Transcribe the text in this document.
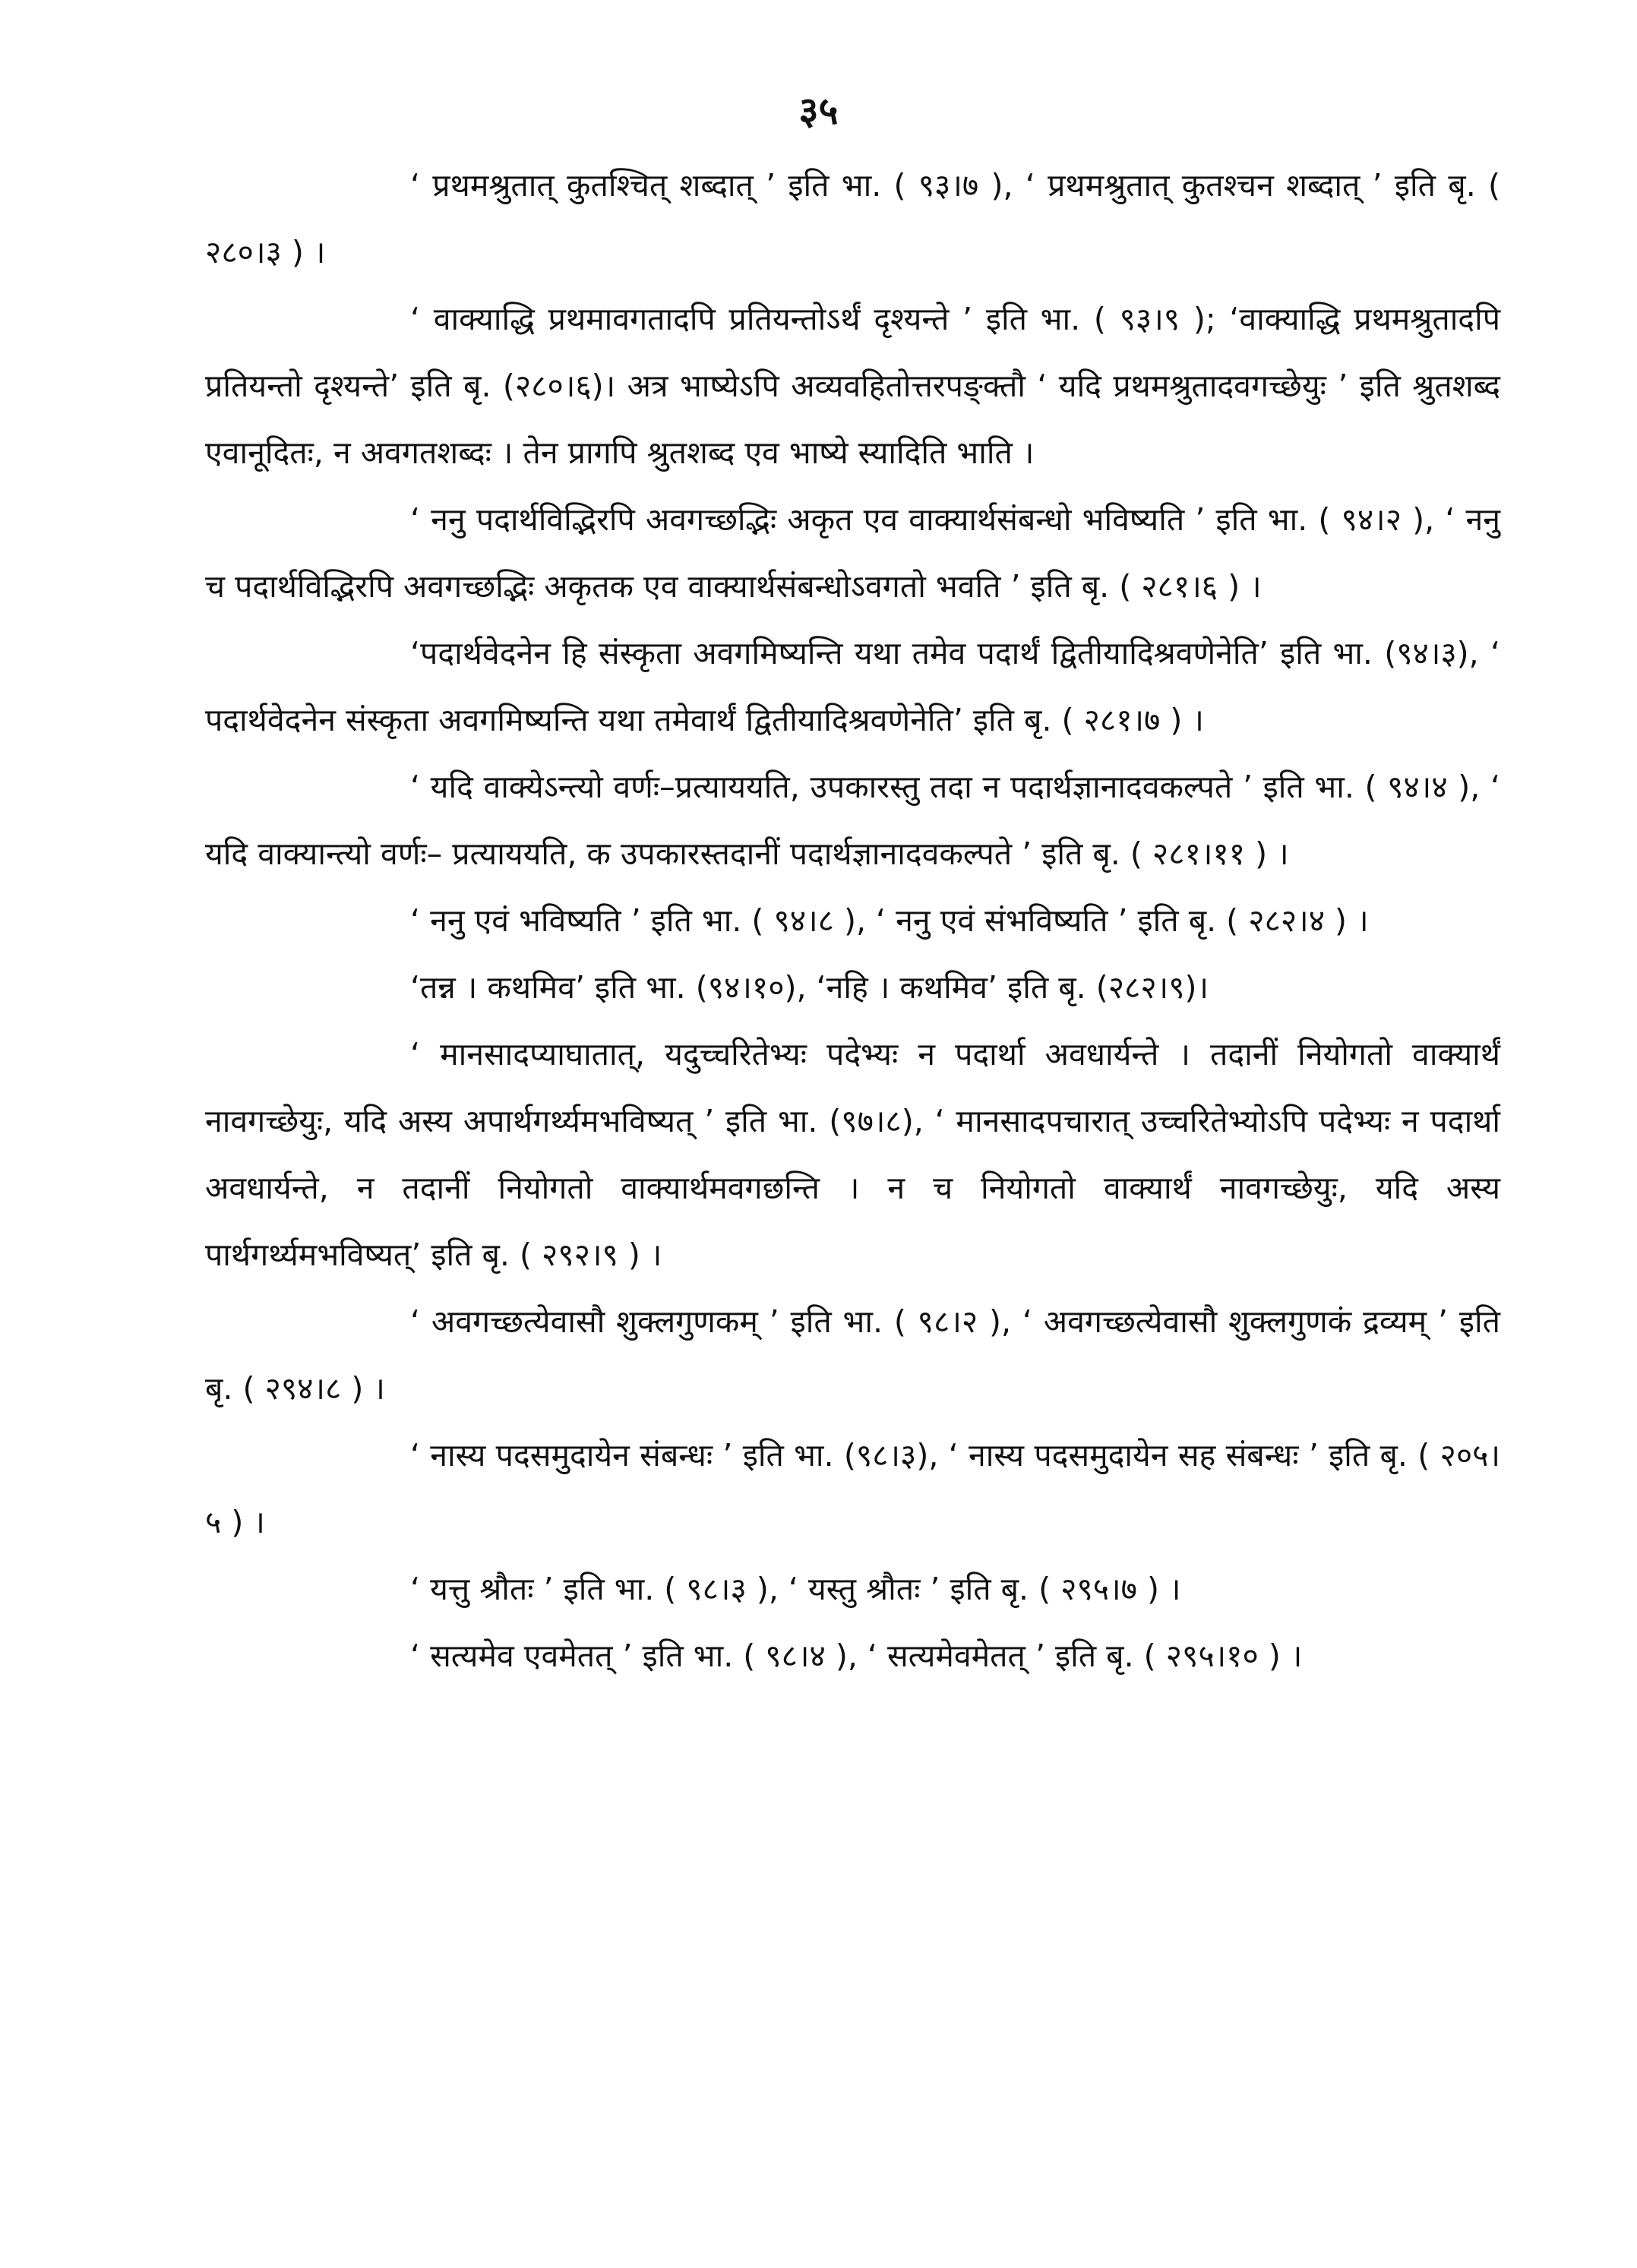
३५

‘ प्रथमश्रुतात् कुतश्चित् शब्दात् ’ इति भा. ( ९३।७ ), ‘ प्रथमश्रुतात् कुतश्चन शब्दात् ’ इति बृ. ( २८०।३ ) ।

‘ वाक्याद्धि प्रथमावगतादपि प्रतियन्तोऽर्थं दृश्यन्ते ’ इति भा. ( ९३।९ ); ‘वाक्याद्धि प्रथमश्रुतादपि प्रतियन्तो दृश्यन्ते’ इति बृ. (२८०।६)। अत्र भाष्येऽपि अव्यवहितोत्तरपङ्क्तौ ‘ यदि प्रथमश्रुतादवगच्छेयुः ’ इति श्रुतशब्द एवानूदितः, न अवगतशब्दः । तेन प्रागपि श्रुतशब्द एव भाष्ये स्यादिति भाति ।

‘ ननु पदार्थविद्भिरपि अवगच्छद्भिः अकृत एव वाक्यार्थसंबन्धो भविष्यति ’ इति भा. ( ९४।२ ), ‘ ननु च पदार्थविद्भिरपि अवगच्छद्भिः अकृतक एव वाक्यार्थसंबन्धोऽवगतो भवति ’ इति बृ. ( २८१।६ ) ।

‘पदार्थवेदनेन हि संस्कृता अवगमिष्यन्ति यथा तमेव पदार्थं द्वितीयादिश्रवणेनेति’ इति भा. (९४।३), ‘ पदार्थवेदनेन संस्कृता अवगमिष्यन्ति यथा तमेवार्थं द्वितीयादिश्रवणेनेति’ इति बृ. ( २८१।७ ) ।

‘ यदि वाक्येऽन्त्यो वर्णः–प्रत्याययति, उपकारस्तु तदा न पदार्थज्ञानादवकल्पते ’ इति भा. ( ९४।४ ), ‘ यदि वाक्यान्त्यो वर्णः– प्रत्याययति, क उपकारस्तदानीं पदार्थज्ञानादवकल्पते ’ इति बृ. ( २८१।११ ) ।

‘ ननु एवं भविष्यति ’ इति भा. ( ९४।८ ), ‘ ननु एवं संभविष्यति ’ इति बृ. ( २८२।४ ) ।

‘तन्न । कथमिव’ इति भा. (९४।१०), ‘नहि । कथमिव’ इति बृ. (२८२।९)।

‘ मानसादप्याघातात्, यदुच्चरितेभ्यः पदेभ्यः न पदार्था अवधार्यन्ते । तदानीं नियोगतो वाक्यार्थं नावगच्छेयुः, यदि अस्य अपार्थगर्थ्यमभविष्यत् ’ इति भा. (९७।८), ‘ मानसादपचारात् उच्चरितेभ्योऽपि पदेभ्यः न पदार्था अवधार्यन्ते, न तदानीं नियोगतो वाक्यार्थमवगछन्ति । न च नियोगतो वाक्यार्थं नावगच्छेयुः, यदि अस्य पार्थगर्थ्यमभविष्यत्’ इति बृ. ( २९२।९ ) ।

‘ अवगच्छत्येवासौ शुक्लगुणकम् ’ इति भा. ( ९८।२ ), ‘ अवगच्छत्येवासौ शुक्लगुणकं द्रव्यम् ’ इति बृ. ( २९४।८ ) ।

‘ नास्य पदसमुदायेन संबन्धः ’ इति भा. (९८।३), ‘ नास्य पदसमुदायेन सह संबन्धः ’ इति बृ. ( २०५।५ ) ।

‘ यत्तु श्रौतः ’ इति भा. ( ९८।३ ), ‘ यस्तु श्रौतः ’ इति बृ. ( २९५।७ ) ।

‘ सत्यमेव एवमेतत् ’ इति भा. ( ९८।४ ), ‘ सत्यमेवमेतत् ’ इति बृ. ( २९५।१० ) ।
